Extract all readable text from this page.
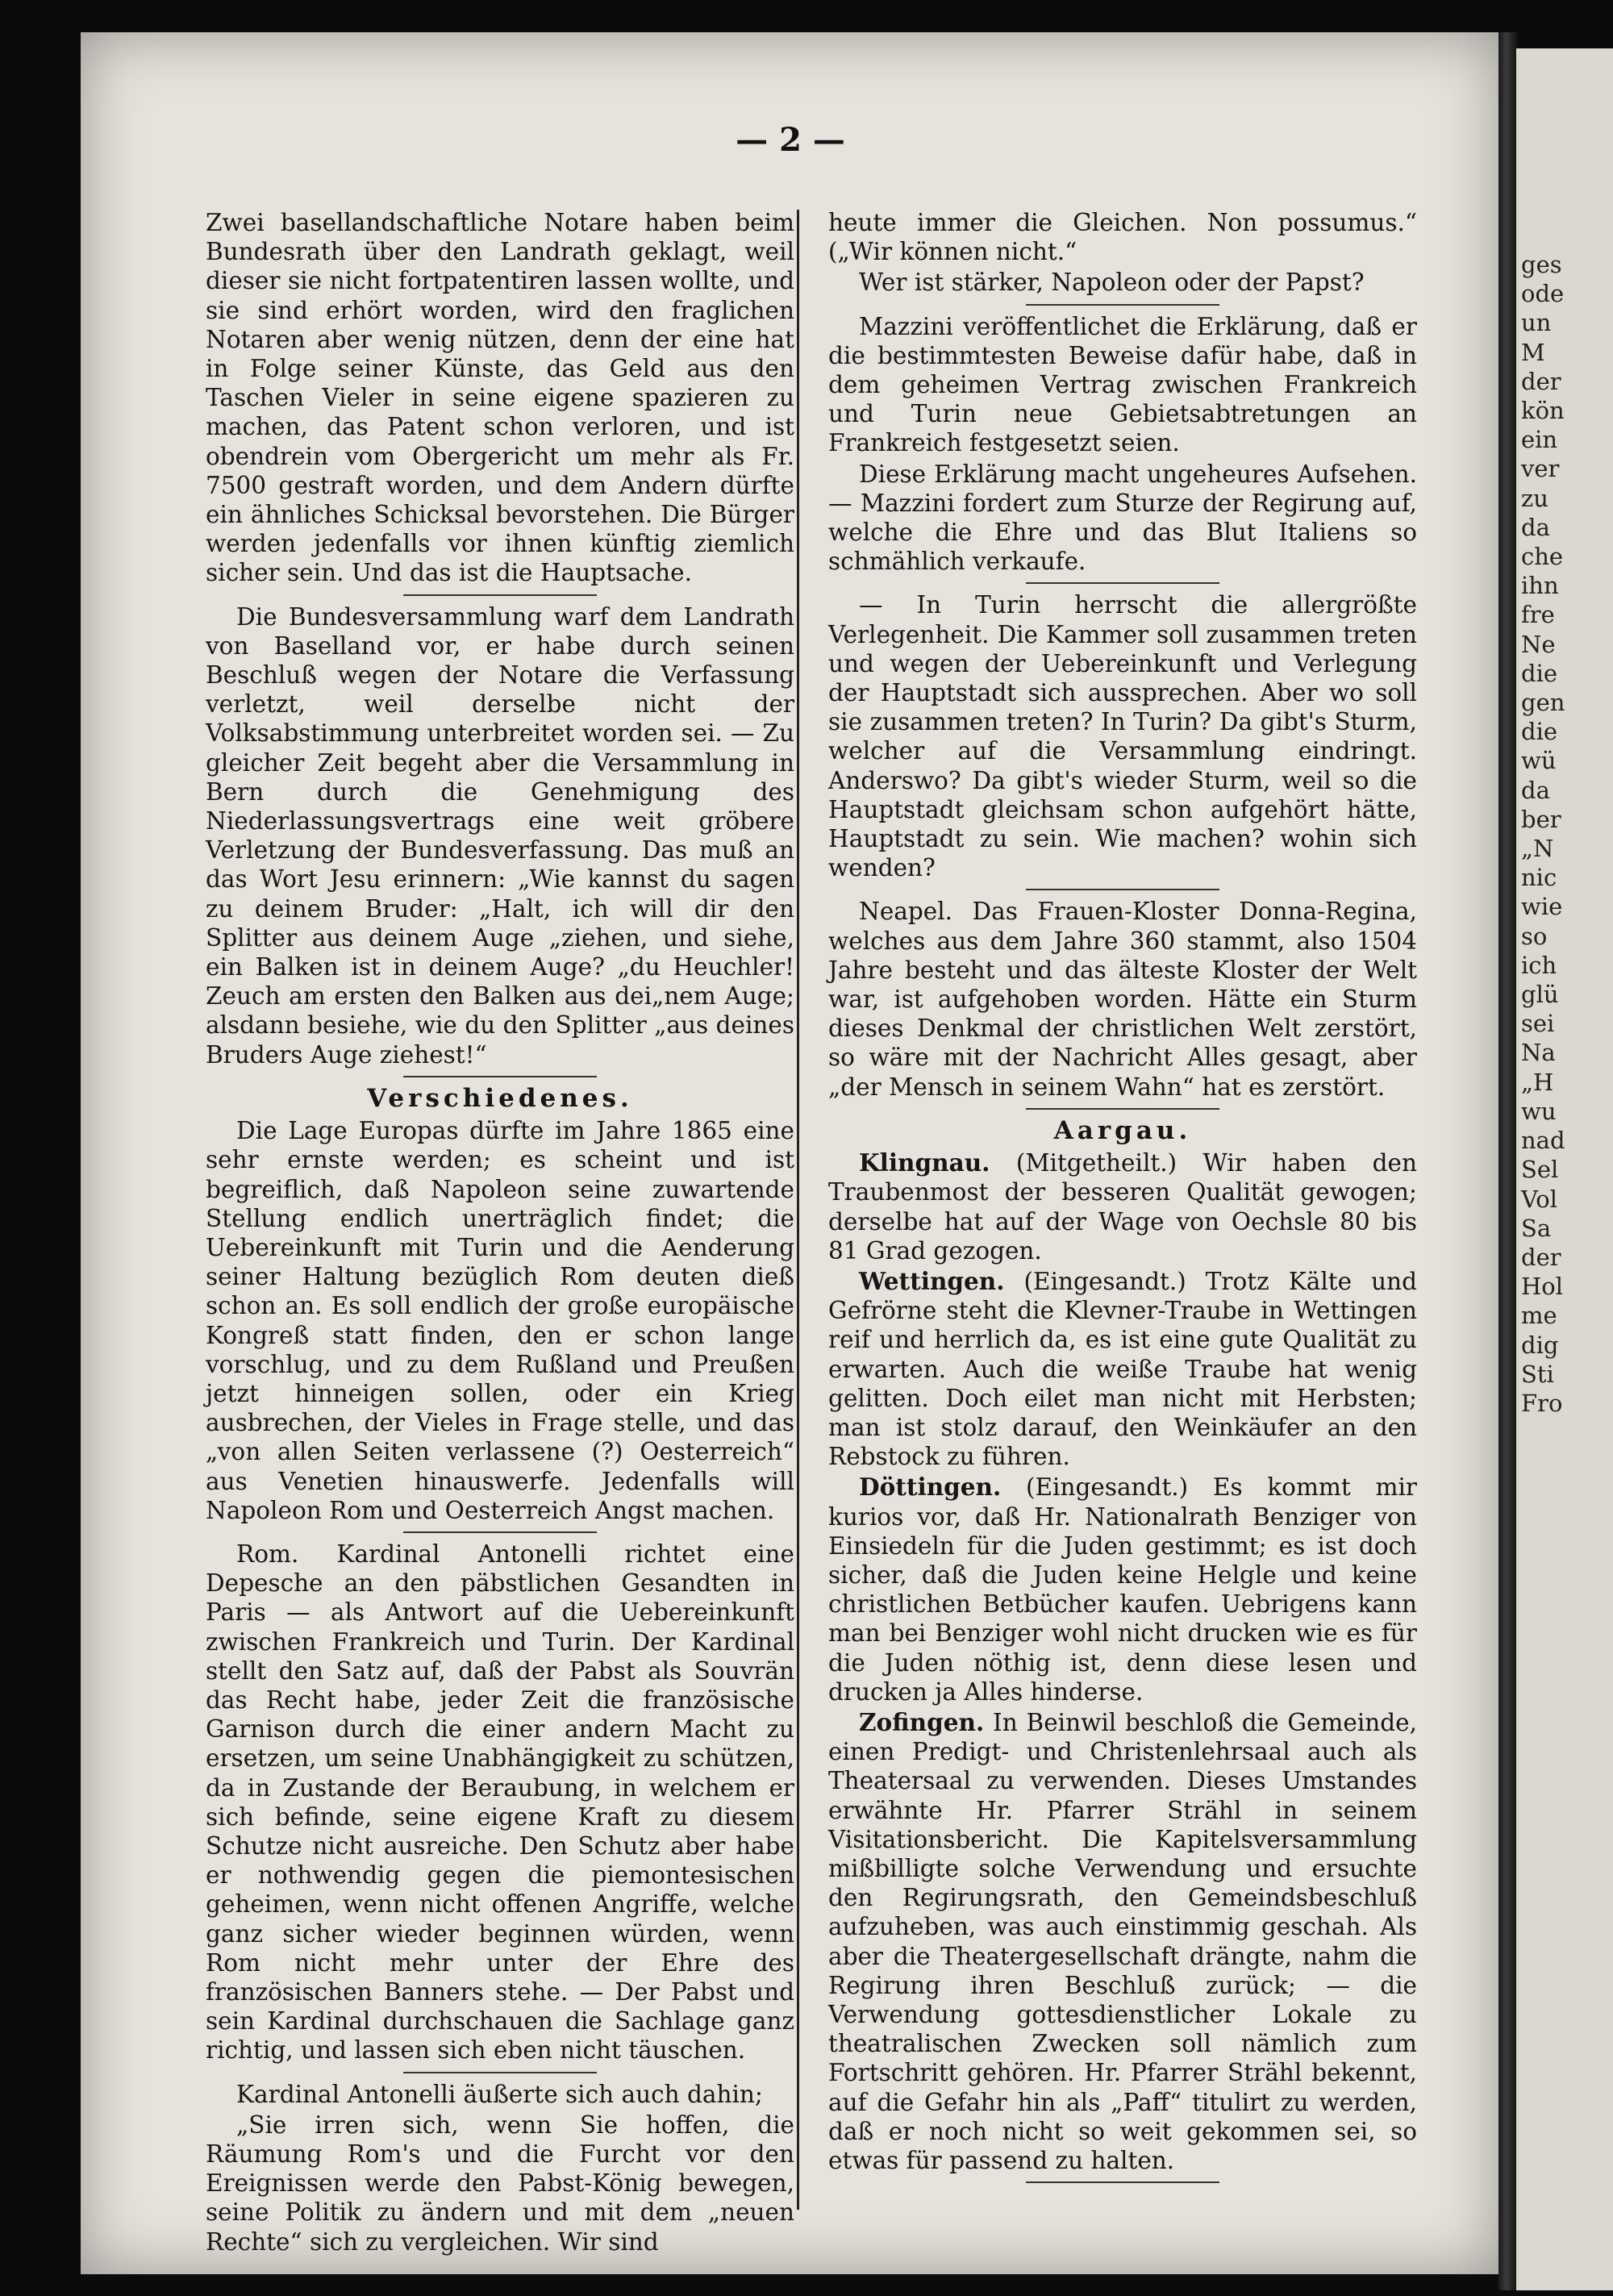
— 2 —

Zwei basellandschaftliche Notare haben beim Bundesrath über den Landrath geklagt, weil dieser sie nicht fortpatentiren lassen wollte, und sie sind erhört worden, wird den fraglichen Notaren aber wenig nützen, denn der eine hat in Folge seiner Künste, das Geld aus den Taschen Vieler in seine eigene spazieren zu machen, das Patent schon verloren, und ist obendrein vom Obergericht um mehr als Fr. 7500 gestraft worden, und dem Andern dürfte ein ähnliches Schicksal bevorstehen. Die Bürger werden jedenfalls vor ihnen künftig ziemlich sicher sein. Und das ist die Hauptsache.

Die Bundesversammlung warf dem Landrath von Baselland vor, er habe durch seinen Beschluß wegen der Notare die Verfassung verletzt, weil derselbe nicht der Volksabstimmung unterbreitet worden sei. — Zu gleicher Zeit begeht aber die Versammlung in Bern durch die Genehmigung des Niederlassungsvertrags eine weit gröbere Verletzung der Bundesverfassung. Das muß an das Wort Jesu erinnern: „Wie kannst du sagen zu deinem Bruder: „Halt, ich will dir den Splitter aus deinem Auge „ziehen, und siehe, ein Balken ist in deinem Auge? „du Heuchler! Zeuch am ersten den Balken aus dei„nem Auge; alsdann besiehe, wie du den Splitter „aus deines Bruders Auge ziehest!“

Verschiedenes.

Die Lage Europas dürfte im Jahre 1865 eine sehr ernste werden; es scheint und ist begreiflich, daß Napoleon seine zuwartende Stellung endlich unerträglich findet; die Uebereinkunft mit Turin und die Aenderung seiner Haltung bezüglich Rom deuten dieß schon an. Es soll endlich der große europäische Kongreß statt finden, den er schon lange vorschlug, und zu dem Rußland und Preußen jetzt hinneigen sollen, oder ein Krieg ausbrechen, der Vieles in Frage stelle, und das „von allen Seiten verlassene (?) Oesterreich“ aus Venetien hinauswerfe. Jedenfalls will Napoleon Rom und Oesterreich Angst machen.

Rom. Kardinal Antonelli richtet eine Depesche an den päbstlichen Gesandten in Paris — als Antwort auf die Uebereinkunft zwischen Frankreich und Turin. Der Kardinal stellt den Satz auf, daß der Pabst als Souvrän das Recht habe, jeder Zeit die französische Garnison durch die einer andern Macht zu ersetzen, um seine Unabhängigkeit zu schützen, da in Zustande der Beraubung, in welchem er sich befinde, seine eigene Kraft zu diesem Schutze nicht ausreiche. Den Schutz aber habe er nothwendig gegen die piemontesischen geheimen, wenn nicht offenen Angriffe, welche ganz sicher wieder beginnen würden, wenn Rom nicht mehr unter der Ehre des französischen Banners stehe. — Der Pabst und sein Kardinal durchschauen die Sachlage ganz richtig, und lassen sich eben nicht täuschen.

Kardinal Antonelli äußerte sich auch dahin;

„Sie irren sich, wenn Sie hoffen, die Räumung Rom's und die Furcht vor den Ereignissen werde den Pabst-König bewegen, seine Politik zu ändern und mit dem „neuen Rechte“ sich zu vergleichen. Wir sind

heute immer die Gleichen. Non possumus.“ („Wir können nicht.“

Wer ist stärker, Napoleon oder der Papst?

Mazzini veröffentlichet die Erklärung, daß er die bestimmtesten Beweise dafür habe, daß in dem geheimen Vertrag zwischen Frankreich und Turin neue Gebietsabtretungen an Frankreich festgesetzt seien.

Diese Erklärung macht ungeheures Aufsehen. — Mazzini fordert zum Sturze der Regirung auf, welche die Ehre und das Blut Italiens so schmählich verkaufe.

— In Turin herrscht die allergrößte Verlegenheit. Die Kammer soll zusammen treten und wegen der Uebereinkunft und Verlegung der Hauptstadt sich aussprechen. Aber wo soll sie zusammen treten? In Turin? Da gibt's Sturm, welcher auf die Versammlung eindringt. Anderswo? Da gibt's wieder Sturm, weil so die Hauptstadt gleichsam schon aufgehört hätte, Hauptstadt zu sein. Wie machen? wohin sich wenden?

Neapel. Das Frauen-Kloster Donna-Regina, welches aus dem Jahre 360 stammt, also 1504 Jahre besteht und das älteste Kloster der Welt war, ist aufgehoben worden. Hätte ein Sturm dieses Denkmal der christlichen Welt zerstört, so wäre mit der Nachricht Alles gesagt, aber „der Mensch in seinem Wahn“ hat es zerstört.

Aargau.

Klingnau. (Mitgetheilt.) Wir haben den Traubenmost der besseren Qualität gewogen; derselbe hat auf der Wage von Oechsle 80 bis 81 Grad gezogen.

Wettingen. (Eingesandt.) Trotz Kälte und Gefrörne steht die Klevner-Traube in Wettingen reif und herrlich da, es ist eine gute Qualität zu erwarten. Auch die weiße Traube hat wenig gelitten. Doch eilet man nicht mit Herbsten; man ist stolz darauf, den Weinkäufer an den Rebstock zu führen.

Döttingen. (Eingesandt.) Es kommt mir kurios vor, daß Hr. Nationalrath Benziger von Einsiedeln für die Juden gestimmt; es ist doch sicher, daß die Juden keine Helgle und keine christlichen Betbücher kaufen. Uebrigens kann man bei Benziger wohl nicht drucken wie es für die Juden nöthig ist, denn diese lesen und drucken ja Alles hinderse.

Zofingen. In Beinwil beschloß die Gemeinde, einen Predigt- und Christenlehrsaal auch als Theatersaal zu verwenden. Dieses Umstandes erwähnte Hr. Pfarrer Strähl in seinem Visitationsbericht. Die Kapitelsversammlung mißbilligte solche Verwendung und ersuchte den Regirungsrath, den Gemeindsbeschluß aufzuheben, was auch einstimmig geschah. Als aber die Theatergesellschaft drängte, nahm die Regirung ihren Beschluß zurück; — die Verwendung gottesdienstlicher Lokale zu theatralischen Zwecken soll nämlich zum Fortschritt gehören. Hr. Pfarrer Strähl bekennt, auf die Gefahr hin als „Paff“ titulirt zu werden, daß er noch nicht so weit gekommen sei, so etwas für passend zu halten.

ges
ode
un
M
der
kön
ein
ver
zu
da
che
ihn
fre
Ne
die
gen
die
wü
da
ber
„N
nic
wie
so
ich
glü
sei
Na
„H
wu
nad
Sel
Vol
Sa
der
Hol
me
dig
Sti
Fro
